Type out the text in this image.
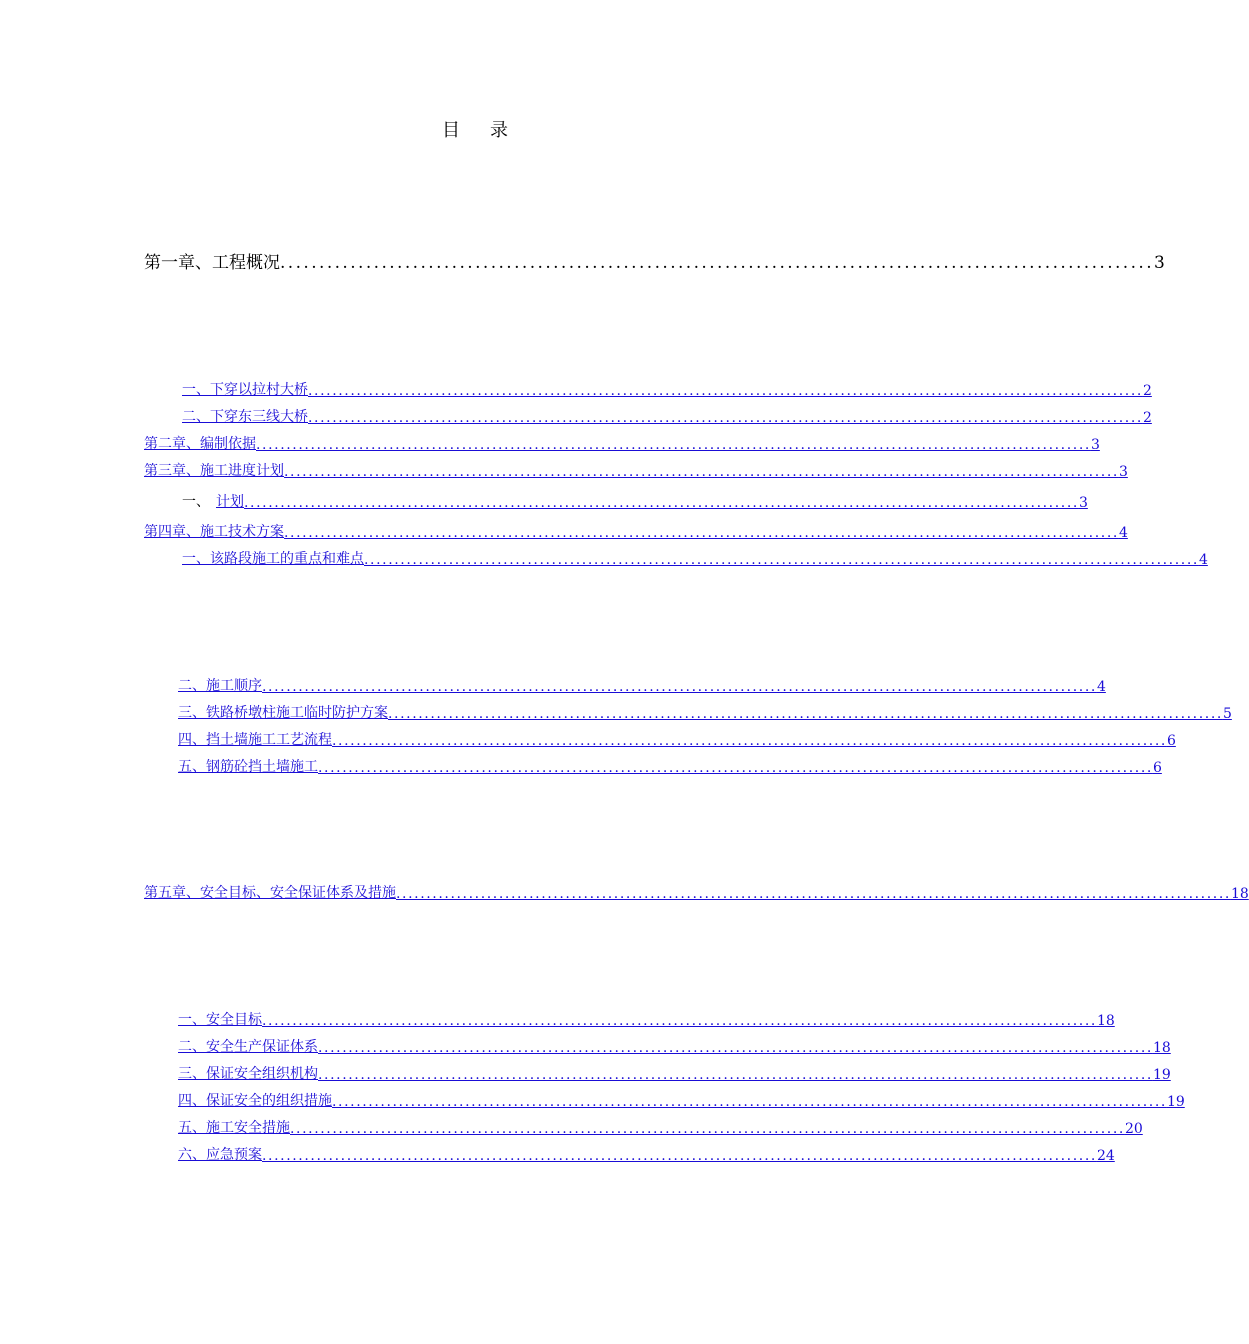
目 录
第一章、工程概况 ................................................................................................................ 3
一、下穿以拉村大桥 .......................................................................................................................................... 2
二、下穿东三线大桥 .......................................................................................................................................... 2
第二章、编制依据 .......................................................................................................................................... 3
第三章、施工进度计划 .......................................................................................................................................... 3
一、 计划 .......................................................................................................................................... 3
第四章、施工技术方案 .......................................................................................................................................... 4
一、该路段施工的重点和难点 .......................................................................................................................................... 4
二、施工顺序 .......................................................................................................................................... 4
三、铁路桥墩柱施工临时防护方案 .......................................................................................................................................... 5
四、挡土墙施工工艺流程 .......................................................................................................................................... 6
五、钢筋砼挡土墙施工 .......................................................................................................................................... 6
第五章、安全目标、安全保证体系及措施 .......................................................................................................................................... 18
一、安全目标 .......................................................................................................................................... 18
二、安全生产保证体系 .......................................................................................................................................... 18
三、保证安全组织机构 .......................................................................................................................................... 19
四、保证安全的组织措施 .......................................................................................................................................... 19
五、施工安全措施 .......................................................................................................................................... 20
六、应急预案 .......................................................................................................................................... 24
